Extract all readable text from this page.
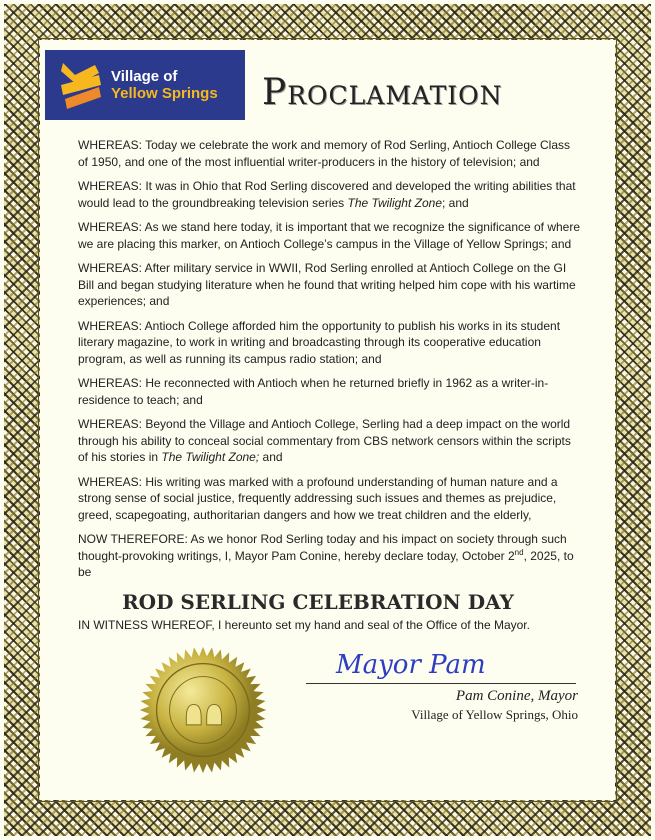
Village of
Yellow Springs Proclamation

WHEREAS: Today we celebrate the work and memory of Rod Serling, Antioch College Class of 1950, and one of the most influential writer-producers in the history of television; and

WHEREAS: It was in Ohio that Rod Serling discovered and developed the writing abilities that would lead to the groundbreaking television series The Twilight Zone; and

WHEREAS: As we stand here today, it is important that we recognize the significance of where we are placing this marker, on Antioch College’s campus in the Village of Yellow Springs; and

WHEREAS: After military service in WWII, Rod Serling enrolled at Antioch College on the GI Bill and began studying literature when he found that writing helped him cope with his wartime experiences; and

WHEREAS: Antioch College afforded him the opportunity to publish his works in its student literary magazine, to work in writing and broadcasting through its cooperative education program, as well as running its campus radio station; and

WHEREAS: He reconnected with Antioch when he returned briefly in 1962 as a writer-in-residence to teach; and

WHEREAS: Beyond the Village and Antioch College, Serling had a deep impact on the world through his ability to conceal social commentary from CBS network censors within the scripts of his stories in The Twilight Zone; and

WHEREAS: His writing was marked with a profound understanding of human nature and a strong sense of social justice, frequently addressing such issues and themes as prejudice, greed, scapegoating, authoritarian dangers and how we treat children and the elderly,

NOW THEREFORE: As we honor Rod Serling today and his impact on society through such thought-provoking writings, I, Mayor Pam Conine, hereby declare today, October 2nd, 2025, to be

ROD SERLING CELEBRATION DAY
IN WITNESS WHEREOF, I hereunto set my hand and seal of the Office of the Mayor.
Mayor Pam
Pam Conine, Mayor
Village of Yellow Springs, Ohio
